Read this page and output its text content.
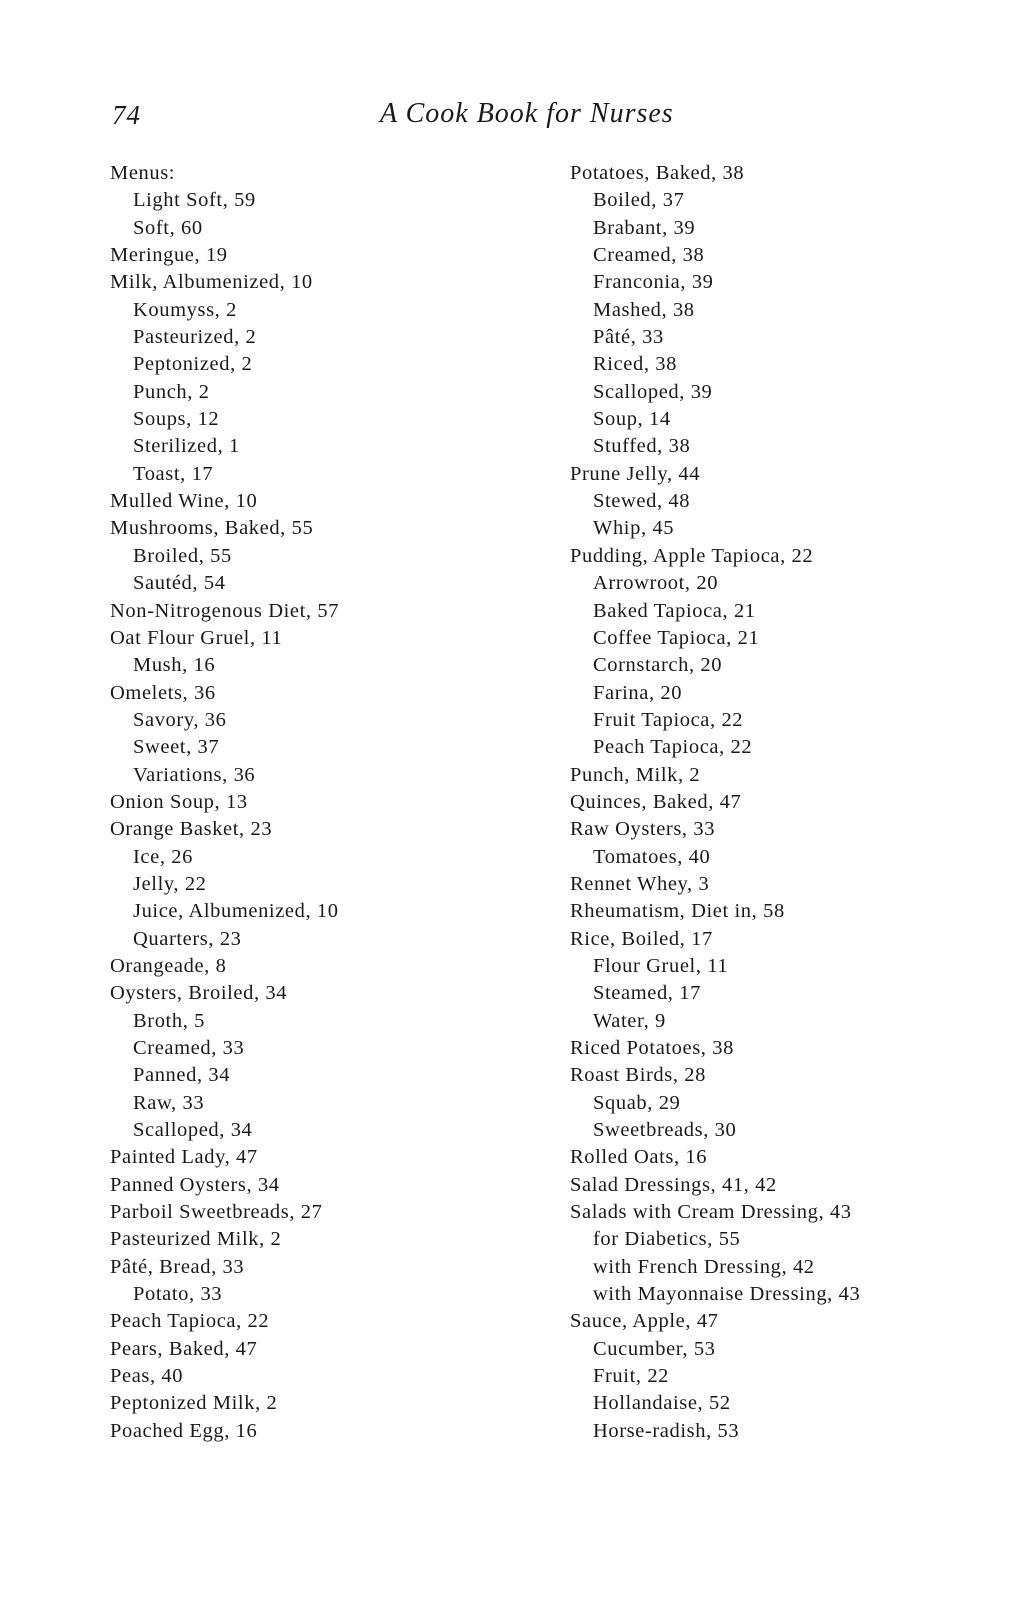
74	A Cook Book for Nurses
Menus:
Light Soft, 59
Soft, 60
Meringue, 19
Milk, Albumenized, 10
Koumyss, 2
Pasteurized, 2
Peptonized, 2
Punch, 2
Soups, 12
Sterilized, 1
Toast, 17
Mulled Wine, 10
Mushrooms, Baked, 55
Broiled, 55
Sautéd, 54
Non-Nitrogenous Diet, 57
Oat Flour Gruel, 11
Mush, 16
Omelets, 36
Savory, 36
Sweet, 37
Variations, 36
Onion Soup, 13
Orange Basket, 23
Ice, 26
Jelly, 22
Juice, Albumenized, 10
Quarters, 23
Orangeade, 8
Oysters, Broiled, 34
Broth, 5
Creamed, 33
Panned, 34
Raw, 33
Scalloped, 34
Painted Lady, 47
Panned Oysters, 34
Parboil Sweetbreads, 27
Pasteurized Milk, 2
Pâté, Bread, 33
Potato, 33
Peach Tapioca, 22
Pears, Baked, 47
Peas, 40
Peptonized Milk, 2
Poached Egg, 16
Potatoes, Baked, 38
Boiled, 37
Brabant, 39
Creamed, 38
Franconia, 39
Mashed, 38
Pâté, 33
Riced, 38
Scalloped, 39
Soup, 14
Stuffed, 38
Prune Jelly, 44
Stewed, 48
Whip, 45
Pudding, Apple Tapioca, 22
Arrowroot, 20
Baked Tapioca, 21
Coffee Tapioca, 21
Cornstarch, 20
Farina, 20
Fruit Tapioca, 22
Peach Tapioca, 22
Punch, Milk, 2
Quinces, Baked, 47
Raw Oysters, 33
Tomatoes, 40
Rennet Whey, 3
Rheumatism, Diet in, 58
Rice, Boiled, 17
Flour Gruel, 11
Steamed, 17
Water, 9
Riced Potatoes, 38
Roast Birds, 28
Squab, 29
Sweetbreads, 30
Rolled Oats, 16
Salad Dressings, 41, 42
Salads with Cream Dressing, 43
for Diabetics, 55
with French Dressing, 42
with Mayonnaise Dressing, 43
Sauce, Apple, 47
Cucumber, 53
Fruit, 22
Hollandaise, 52
Horse-radish, 53
